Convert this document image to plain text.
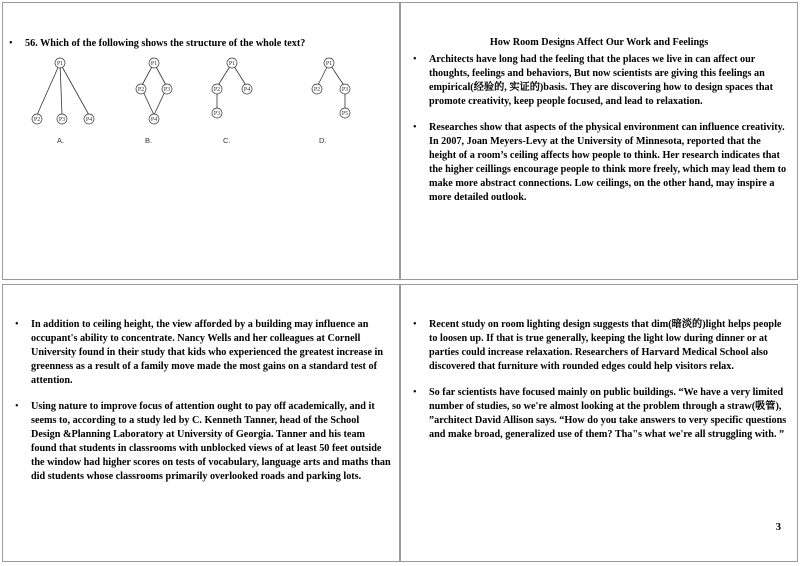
• 56. Which of the following shows the structure of the whole text?
P1
P2	P3	P4
P1
P2	P3
P4
P1
P2	P4
P3
P1
P2	P3
P5
A.	B.	C.	D.
How Room Designs Affect Our Work and Feelings
• Architects have long had the feeling that the places we live in can affect our thoughts, feelings and behaviors, But now scientists are giving this feelings an empirical(经验的, 实证的)basis. They are discovering how to design spaces that promote creativity, keep people focused, and lead to relaxation.
• Researches show that aspects of the physical environment can influence creativity. In 2007, Joan Meyers-Levy at the University of Minnesota, reported that the height of a room’s ceiling affects how people to think. Her research indicates that the higher ceillings encourage people to think more freely, which may lead them to make more abstract connections. Low ceilings, on the other hand, may inspire a more detailed outlook.
• In addition to ceiling height, the view afforded by a building may influence an occupant's ability to concentrate. Nancy Wells and her colleagues at Cornell University found in their study that kids who experienced the greatest increase in greenness as a result of a family move made the most gains on a standard test of attention.
• Using nature to improve focus of attention ought to pay off academically, and it seems to, according to a study led by C. Kenneth Tanner, head of the School Design &Planning Laboratory at University of Georgia. Tanner and his team found that students in classrooms with unblocked views of at least 50 feet outside the window had higher scores on tests of vocabulary, language arts and maths than did students whose classrooms primarily overlooked roads and parking lots.
• Recent study on room lighting design suggests that dim(暗淡的)light helps people to loosen up. If that is true generally, keeping the light low during dinner or at parties could increase relaxation. Researchers of Harvard Medical School also discovered that furniture with rounded edges could help visitors relax.
• So far scientists have focused mainly on public buildings. “We have a very limited number of studies, so we're almost looking at the problem through a straw(吸管), ”architect David Allison says. “How do you take answers to very specific questions and make broad, generalized use of them? Tha"s what we're all struggling with. ”
3
